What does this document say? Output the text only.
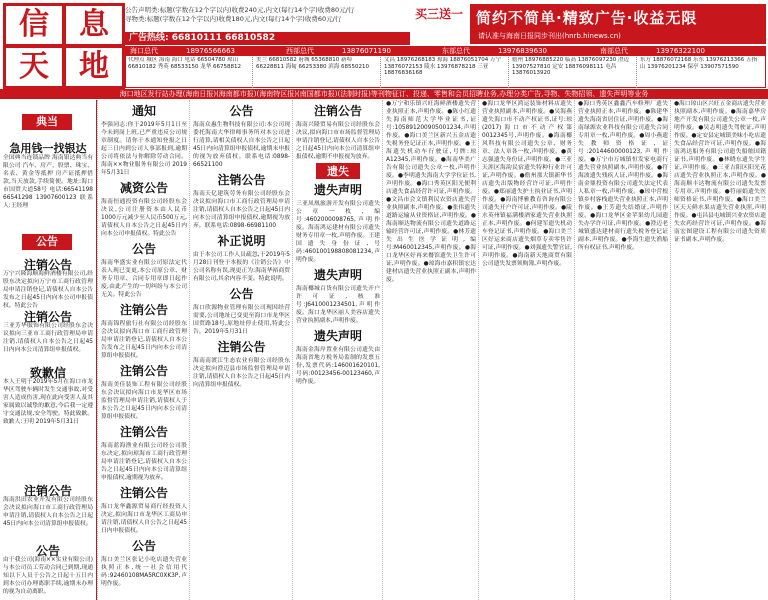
信	息
天	地
公告声明类:标题(字数在12个字以内)收费240元,内文(每行14个字)收费80元/行
寻物类:标题(字数在12个字以内)收费180元,内文(每行14个字)收费60元/行
广告热线: 66810111 66810582
买三送一 简约不简单·精致广告·收益无限
请认准与海南日报同步刊出(hnrb.hinews.cn)
海口总代	18976566663	西部总代	13876071190	东部总代	13976839630	南部总代	13976322100
代理点 城区 海南 海口 电话 66504780 琼山 66810182 秀英 68533150 龙华 66758812
美兰 66810582 府城 65368810 新埠 66228811 海甸 66253380 滨海 68550210
文昌 18976268183 琼海 18876051704 万宁 13876072153 陵水 13976878218 三亚 18876836168
儋州 18976885220 临高 13876097230 澄迈 13907527810 定安 18876098111 屯昌 13876013920
东方 18876072168 乐东 13976213366 五指山 13976201234 保亭 13907571590
海口地区发行站办理(海南日报)(海南都市报)(海南特区报)(南国都市报)(法制时报)等刊物征订、投递、零售和会员招聘业务,办理分类广告,寻物、失物招领、遗失声明等业务
典当
急用钱一找银达
全国典当连锁品牌 海南银达典当有限公司 汽车、房产、股票、珠宝、名表、黄金等抵押 房产证抵押借款,当天放款,手续简便。地址:海口市国贸大道58号 电话:66541198 66541298 13907600123 联系人:王经理
公告
注销公告
万宁兴隆海顺海鲜酒楼有限公司,经股东决定拟向万宁市工商行政管理局申请注销登记,请债权人自本公告发布之日起45日内向本公司申报债权。特此公告
注销公告
三亚芳华服饰有限公司经股东会决议拟向三亚市工商行政管理局申请注销,请债权人自本公告之日起45日内向本公司清算组申报债权。
致歉信
本人王明于2019年5月在海口市龙华区驾驶车辆时发生交通事故,对受害人造成伤害,现在此向受害人及其家属致以诚挚的歉意,今后我一定遵守交通法规,安全驾驶。特此致歉。致歉人:王明 2019年5月31日
注销公告
海南洪田农业开发有限公司经股东会决议拟向海口市工商行政管理局申请注销,请债权人自本公告之日起45日内向本公司清算组申报债权。
公告
由于我公司(海南××实业有限公司)与本公司员工劳动合同已到期,现通知以下人员于公告之日起十五日内到本公司办理离职手续,逾期未办理的视为自动离职。
通知
李强同志:你于2019年5月1日至今未到岗上班,已严重违反公司规章制度。请你于本通知登报之日起三日内到公司人事部报到,逾期公司将依法与你解除劳动合同。海南××物业服务有限公司 2019年5月31日
减资公告
海南恒通投资有限公司经股东会决议,公司注册资本由人民币1000万元减少至人民币500万元,请债权人自本公告之日起45日内向本公司申报债权。特此公告
公告
海南华盛实业有限公司原法定代表人现已变更,本公司原公章、财务专用章、合同专用章即日起作废,由此产生的一切纠纷与本公司无关。特此公告
注销公告
海南锦程旅行社有限公司经股东会决议拟向海口市工商行政管理局申请注销登记,请债权人自本公告发布之日起45日内向本公司清算组申报债权。
注销公告
海南美佳装饰工程有限公司经股东会决议拟向海口市龙华区市场监督管理局申请注销,请债权人于本公告之日起45日内向本公司清算组申报债权。
注销公告
海南蓝海渔业有限公司经公司股东决定,拟向琼海市工商行政管理局申请注销登记,请债权人自本公告之日起45日内向本公司清算组申报债权,逾期视为放弃。
注销公告
海口龙华鑫源贸易商行经投资人决定,拟向海口市龙华区工商局申请注销,请债权人自公告之日起45日内申报债权。
公告
海口美兰区张记小吃店遗失营业执照正本,统一社会信用代码:92460108MA5RC0XK3P,声明作废。
公告
海南众惠生物科技有限公司:本公司现委托海南大华律师事务所对本公司进行清算,请相关债权人自本公告之日起45日内向清算组申报债权,逾期未申报的视为放弃债权。联系电话:0898-66521100
注销公告
海南天亿建筑劳务有限公司经股东会决议拟向海口市工商行政管理局申请注销,请债权人自本公告之日起45日内向本公司清算组申报债权,逾期视为放弃。联系电话:0898-66981100
补正说明
由于本公司工作人员疏忽,于2019年5月28日刊登于本报的《注销公告》中公司名称有误,现更正为:海南华裕商贸有限公司,其余内容不变。特此说明。
公告
海口欣源物业管理有限公司现因经营需要,公司地址已变更至海口市龙华区国贸路18号,原地址停止使用,特此公告。2019年5月31日
注销公告
海南南渡江生态农业有限公司经股东决定拟向澄迈县市场监督管理局申请注销,请债权人自本公告之日起45日内向清算组申报债权。
注销公告
海南兴隆贸易有限公司经股东会决议,拟向海口市市场监督管理局申请注销登记,请债权人自本公告之日起45日内向本公司清算组申报债权,逾期不申报视为放弃。
遗失
遗失声明
三亚凤凰旅游开发有限公司遗失公章一枚,编号:4602000098765,声明作废。海南鸿运建材有限公司遗失财务专用章一枚,声明作废。王建国遗失身份证,号码:460100198808081234,声明作废。
遗失声明
海南椰城百货有限公司遗失开户许可证,核准号:J6410001234501,声明作废。海口龙华区丽人美容店遗失营业执照副本,声明作废。
遗失声明
海南金海岸置业有限公司遗失由海南省地方税务局监制的发票五份,发票代码:146001620101,号码:00123456-00123460,声明作废。
●万宁和乐镇兴旺海鲜酒楼遗失营业执照正本,声明作废。●陈小红遗失海南师范大学毕业证书,证号:105891200905001234,声明作废。●海口美兰区新兴五金店遗失税务登记证正本,声明作废。●王海遗失机动车行驶证,号牌:琼A12345,声明作废。●海南华美广告有限公司遗失公章一枚,声明作废。●李明遗失海南大学学位证书,声明作废。●海口秀英区阳光便利店遗失食品经营许可证,声明作废。●文昌市会文镇利民农资店遗失营业执照副本,声明作废。●张伟遗失道路运输从业资格证,声明作废。●海南顺达物流有限公司遗失道路运输经营许可证,声明作废。●林芳遗失出生医学证明,编号:M460012345,声明作废。●海口龙华区好再来餐馆遗失卫生许可证,声明作废。●琼海市嘉积镇宏达建材店遗失营业执照正副本,声明作废。
●海口龙华区鸿运装饰材料店遗失营业执照副本,声明作废。●吴海燕遗失海口市不动产权证书,证号:琼(2017)海口市不动产权第0012345号,声明作废。●海南椰风科技有限公司遗失公章、财务章、法人章各一枚,声明作废。●黄志强遗失身份证,声明作废。●三亚天涯区海韵民宿遗失特种行业许可证,声明作废。●儋州那大镇新华书店遗失出版物经营许可证,声明作废。●郑丽遗失护士执业证书,声明作废。●海南博雅教育咨询有限公司遗失开户许可证,声明作废。●陵水英州镇福满楼酒家遗失营业执照正本,声明作废。●何建军遗失机动车登记证书,声明作废。●海口美兰区好运来商店遗失烟草专卖零售许可证,声明作废。●刘强遗失警官证,声明作废。●海南新天地商贸有限公司遗失发票领购簿,声明作废。
●海口秀英区鑫鑫汽车修理厂遗失营业执照正本,声明作废。●陈建华遗失海南省居住证,声明作废。●海南绿源农业科技有限公司遗失合同专用章一枚,声明作废。●周小燕遗失教师资格证,证号:20144600000123,声明作废。●万宁市万城镇恒发家电商行遗失营业执照副本,声明作废。●符海波遗失残疾人证,声明作废。●海南金鼎投资有限公司遗失法定代表人私章一枚,声明作废。●琼中营根镇乡村客栈遗失营业执照正本,声明作废。●王芳遗失结婚证,声明作废。●海口龙华区金苹果幼儿园遗失办学许可证,声明作废。●澄迈老城镇盛达建材商行遗失税务登记证副本,声明作废。●李海生遗失渔船所有权证书,声明作废。
●海口琼山区兴旺五金商店遗失营业执照副本,声明作废。●海南嘉华房地产开发有限公司遗失公章一枚,声明作废。●吴志明遗失驾驶证,声明作废。●定安县定城镇美味小吃店遗失食品经营许可证,声明作废。●海南鸿达船务有限公司遗失船舶国籍证书,声明作废。●林晓东遗失学生证,声明作废。●三亚吉阳区阳光花店遗失营业执照正本,声明作废。●海南顺丰达物流有限公司遗失发票专用章,声明作废。●符丽娟遗失医师资格证书,声明作废。●海口美兰区天天鲜水果店遗失营业执照,声明作废。●屯昌县屯城镇兴业农资店遗失农药经营许可证,声明作废。●海南宏图建设工程有限公司遗失资质证书副本,声明作废。
